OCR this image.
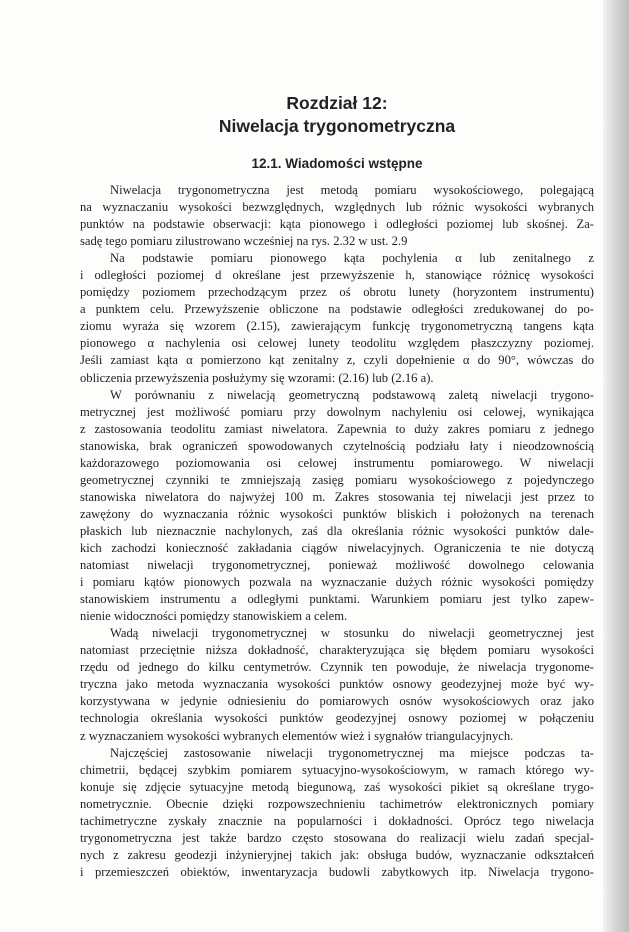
Rozdział 12:
Niwelacja trygonometryczna
12.1. Wiadomości wstępne
Niwelacja trygonometryczna jest metodą pomiaru wysokościowego, polegającą
na wyznaczaniu wysokości bezwzględnych, względnych lub różnic wysokości wybranych
punktów na podstawie obserwacji: kąta pionowego i odległości poziomej lub skośnej. Za-
sadę tego pomiaru zilustrowano wcześniej na rys. 2.32 w ust. 2.9
Na podstawie pomiaru pionowego kąta pochylenia α lub zenitalnego z
i odległości poziomej d określane jest przewyższenie h, stanowiące różnicę wysokości
pomiędzy poziomem przechodzącym przez oś obrotu lunety (horyzontem instrumentu)
a punktem celu. Przewyższenie obliczone na podstawie odległości zredukowanej do po-
ziomu wyraża się wzorem (2.15), zawierającym funkcję trygonometryczną tangens kąta
pionowego α nachylenia osi celowej lunety teodolitu względem płaszczyzny poziomej.
Jeśli zamiast kąta α pomierzono kąt zenitalny z, czyli dopełnienie α do 90°, wówczas do
obliczenia przewyższenia posłużymy się wzorami: (2.16) lub (2.16 a).
W porównaniu z niwelacją geometryczną podstawową zaletą niwelacji trygono-
metrycznej jest możliwość pomiaru przy dowolnym nachyleniu osi celowej, wynikająca
z zastosowania teodolitu zamiast niwelatora. Zapewnia to duży zakres pomiaru z jednego
stanowiska, brak ograniczeń spowodowanych czytelnością podziału łaty i nieodzownością
każdorazowego poziomowania osi celowej instrumentu pomiarowego. W niwelacji
geometrycznej czynniki te zmniejszają zasięg pomiaru wysokościowego z pojedynczego
stanowiska niwelatora do najwyżej 100 m. Zakres stosowania tej niwelacji jest przez to
zawężony do wyznaczania różnic wysokości punktów bliskich i położonych na terenach
płaskich lub nieznacznie nachylonych, zaś dla określania różnic wysokości punktów dale-
kich zachodzi konieczność zakładania ciągów niwelacyjnych. Ograniczenia te nie dotyczą
natomiast niwelacji trygonometrycznej, ponieważ możliwość dowolnego celowania
i pomiaru kątów pionowych pozwala na wyznaczanie dużych różnic wysokości pomiędzy
stanowiskiem instrumentu a odległymi punktami. Warunkiem pomiaru jest tylko zapew-
nienie widoczności pomiędzy stanowiskiem a celem.
Wadą niwelacji trygonometrycznej w stosunku do niwelacji geometrycznej jest
natomiast przeciętnie niższa dokładność, charakteryzująca się błędem pomiaru wysokości
rzędu od jednego do kilku centymetrów. Czynnik ten powoduje, że niwelacja trygonome-
tryczna jako metoda wyznaczania wysokości punktów osnowy geodezyjnej może być wy-
korzystywana w jedynie odniesieniu do pomiarowych osnów wysokościowych oraz jako
technologia określania wysokości punktów geodezyjnej osnowy poziomej w połączeniu
z wyznaczaniem wysokości wybranych elementów wież i sygnałów triangulacyjnych.
Najczęściej zastosowanie niwelacji trygonometrycznej ma miejsce podczas ta-
chimetrii, będącej szybkim pomiarem sytuacyjno-wysokościowym, w ramach którego wy-
konuje się zdjęcie sytuacyjne metodą biegunową, zaś wysokości pikiet są określane trygo-
nometrycznie. Obecnie dzięki rozpowszechnieniu tachimetrów elektronicznych pomiary
tachimetryczne zyskały znacznie na popularności i dokładności. Oprócz tego niwelacja
trygonometryczna jest także bardzo często stosowana do realizacji wielu zadań specjal-
nych z zakresu geodezji inżynieryjnej takich jak: obsługa budów, wyznaczanie odkształceń
i przemieszczeń obiektów, inwentaryzacja budowli zabytkowych itp. Niwelacja trygono-
